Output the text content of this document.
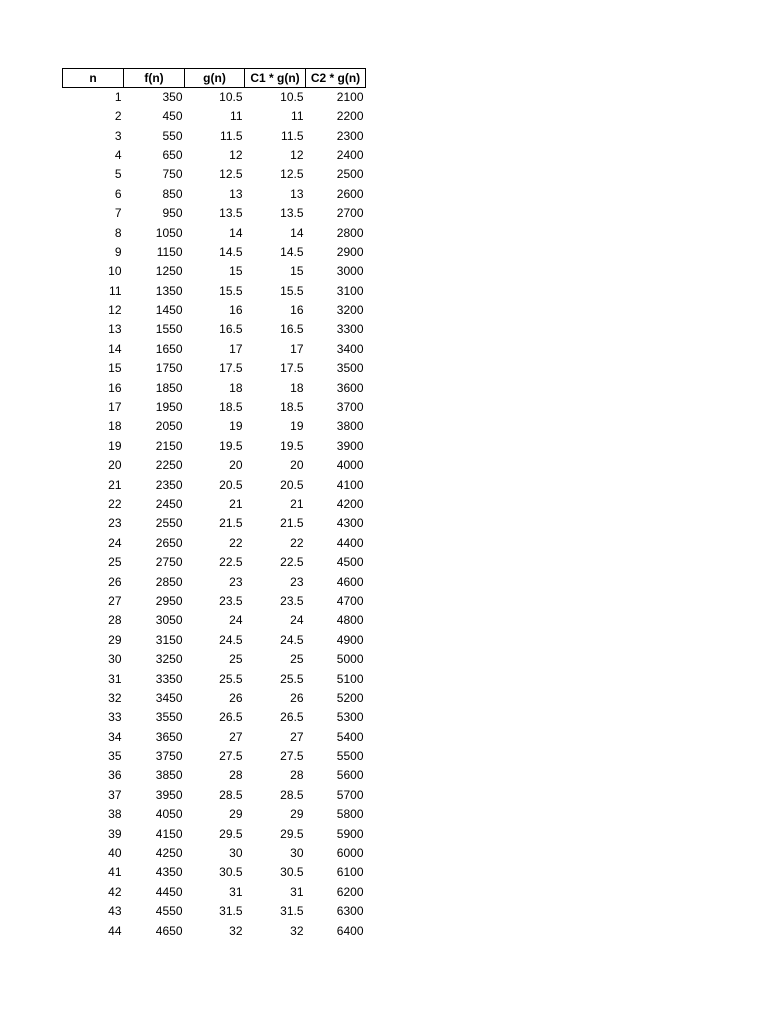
n	f(n)	g(n)	C1 * g(n)	C2 * g(n)
1	350	10.5	10.5	2100
2	450	11	11	2200
3	550	11.5	11.5	2300
4	650	12	12	2400
5	750	12.5	12.5	2500
6	850	13	13	2600
7	950	13.5	13.5	2700
8	1050	14	14	2800
9	1150	14.5	14.5	2900
10	1250	15	15	3000
11	1350	15.5	15.5	3100
12	1450	16	16	3200
13	1550	16.5	16.5	3300
14	1650	17	17	3400
15	1750	17.5	17.5	3500
16	1850	18	18	3600
17	1950	18.5	18.5	3700
18	2050	19	19	3800
19	2150	19.5	19.5	3900
20	2250	20	20	4000
21	2350	20.5	20.5	4100
22	2450	21	21	4200
23	2550	21.5	21.5	4300
24	2650	22	22	4400
25	2750	22.5	22.5	4500
26	2850	23	23	4600
27	2950	23.5	23.5	4700
28	3050	24	24	4800
29	3150	24.5	24.5	4900
30	3250	25	25	5000
31	3350	25.5	25.5	5100
32	3450	26	26	5200
33	3550	26.5	26.5	5300
34	3650	27	27	5400
35	3750	27.5	27.5	5500
36	3850	28	28	5600
37	3950	28.5	28.5	5700
38	4050	29	29	5800
39	4150	29.5	29.5	5900
40	4250	30	30	6000
41	4350	30.5	30.5	6100
42	4450	31	31	6200
43	4550	31.5	31.5	6300
44	4650	32	32	6400
